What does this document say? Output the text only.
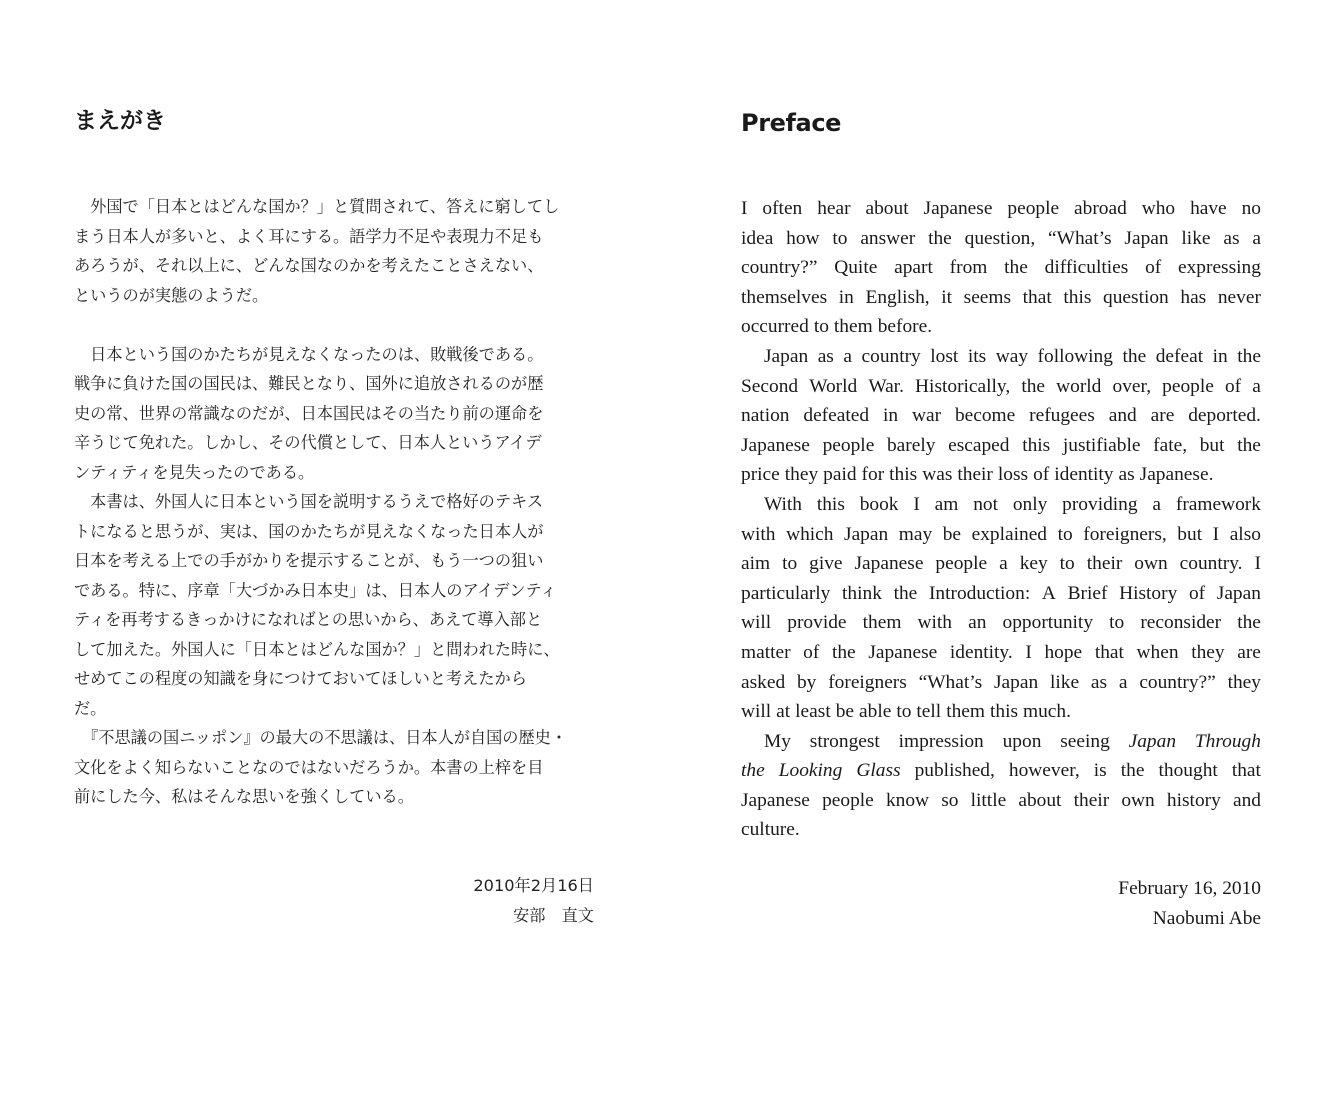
まえがき
　外国で「日本とはどんな国か？」と質問されて、答えに窮してし
まう日本人が多いと、よく耳にする。語学力不足や表現力不足も
あろうが、それ以上に、どんな国なのかを考えたことさえない、
というのが実態のようだ。
　日本という国のかたちが見えなくなったのは、敗戦後である。
戦争に負けた国の国民は、難民となり、国外に追放されるのが歴
史の常、世界の常識なのだが、日本国民はその当たり前の運命を
辛うじて免れた。しかし、その代償として、日本人というアイデ
ンティティを見失ったのである。
　本書は、外国人に日本という国を説明するうえで格好のテキス
トになると思うが、実は、国のかたちが見えなくなった日本人が
日本を考える上での手がかりを提示することが、もう一つの狙い
である。特に、序章「大づかみ日本史」は、日本人のアイデンティ
ティを再考するきっかけになればとの思いから、あえて導入部と
して加えた。外国人に「日本とはどんな国か？」と問われた時に、
せめてこの程度の知識を身につけておいてほしいと考えたから
だ。
　『不思議の国ニッポン』の最大の不思議は、日本人が自国の歴史・
文化をよく知らないことなのではないだろうか。本書の上梓を目
前にした今、私はそんな思いを強くしている。
2010年2月16日
安部　直文
Preface
I often hear about Japanese people abroad who have no
idea how to answer the question, “What’s Japan like as a
country?” Quite apart from the difficulties of expressing
themselves in English, it seems that this question has never
occurred to them before.
Japan as a country lost its way following the defeat in the
Second World War. Historically, the world over, people of a
nation defeated in war become refugees and are deported.
Japanese people barely escaped this justifiable fate, but the
price they paid for this was their loss of identity as Japanese.
With this book I am not only providing a framework
with which Japan may be explained to foreigners, but I also
aim to give Japanese people a key to their own country. I
particularly think the Introduction: A Brief History of Japan
will provide them with an opportunity to reconsider the
matter of the Japanese identity. I hope that when they are
asked by foreigners “What’s Japan like as a country?” they
will at least be able to tell them this much.
My strongest impression upon seeing Japan Through
the Looking Glass published, however, is the thought that
Japanese people know so little about their own history and
culture.
February 16, 2010
Naobumi Abe
